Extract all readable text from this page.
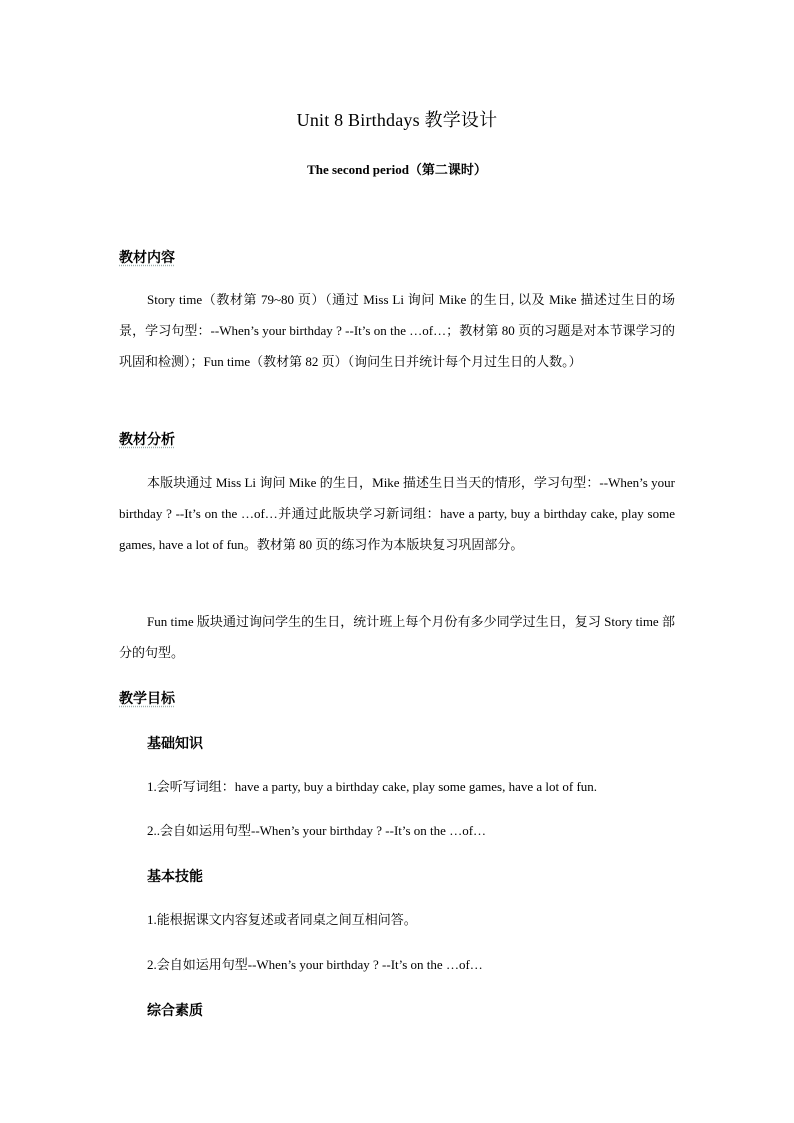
Unit 8 Birthdays 教学设计
The second period（第二课时）
教材内容

Story time（教材第 79~80 页）（通过 Miss Li 询问 Mike 的生日, 以及 Mike 描述过生日的场景，学习句型：--When’s your birthday ? --It’s on the …of…；教材第 80 页的习题是对本节课学习的巩固和检测）；Fun time（教材第 82 页）（询问生日并统计每个月过生日的人数。）

教材分析

本版块通过 Miss Li 询问 Mike 的生日，Mike 描述生日当天的情形，学习句型：--When’s your birthday ? --It’s on the …of…并通过此版块学习新词组：have a party, buy a birthday cake, play some games, have a lot of fun。教材第 80 页的练习作为本版块复习巩固部分。

Fun time 版块通过询问学生的生日，统计班上每个月份有多少同学过生日，复习 Story time 部分的句型。

教学目标
基础知识
1.会听写词组：have a party, buy a birthday cake, play some games, have a lot of fun.
2..会自如运用句型--When’s your birthday ? --It’s on the …of…
基本技能
1.能根据课文内容复述或者同桌之间互相问答。
2.会自如运用句型--When’s your birthday ? --It’s on the …of…
综合素质
